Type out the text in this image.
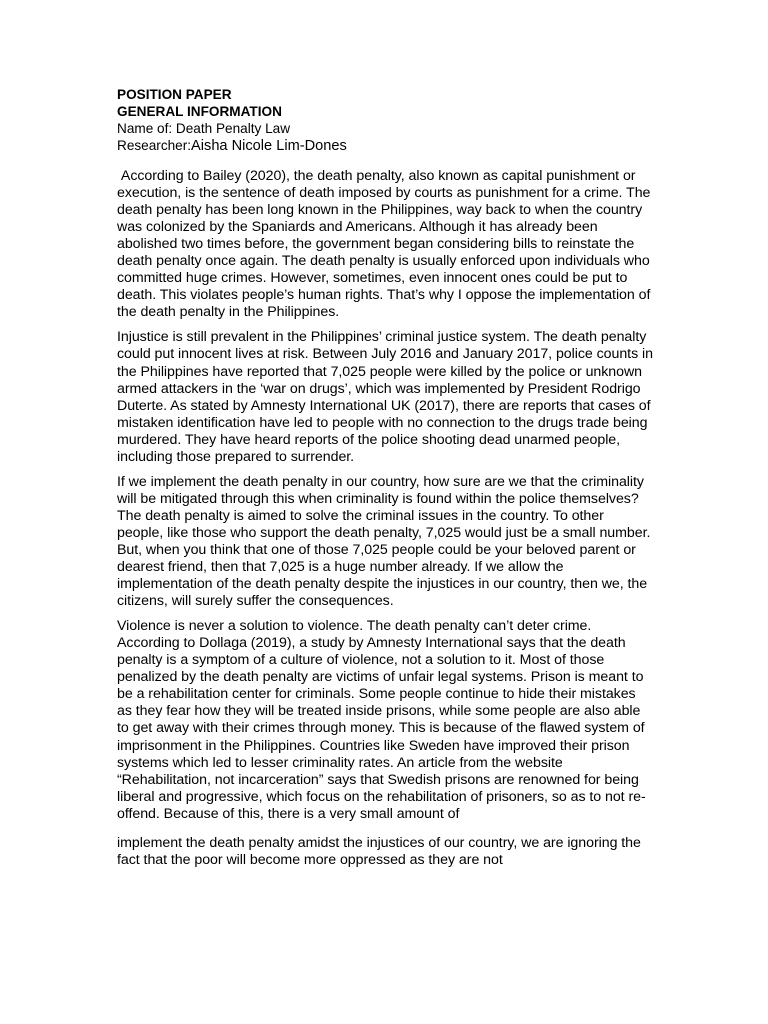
POSITION PAPER

GENERAL INFORMATION

Name of: Death Penalty Law

Researcher:Aisha Nicole Lim-Dones

According to Bailey (2020), the death penalty, also known as capital punishment or execution, is the sentence of death imposed by courts as punishment for a crime. The death penalty has been long known in the Philippines, way back to when the country was colonized by the Spaniards and Americans. Although it has already been abolished two times before, the government began considering bills to reinstate the death penalty once again. The death penalty is usually enforced upon individuals who committed huge crimes. However, sometimes, even innocent ones could be put to death. This violates people’s human rights. That’s why I oppose the implementation of the death penalty in the Philippines.

Injustice is still prevalent in the Philippines’ criminal justice system. The death penalty could put innocent lives at risk. Between July 2016 and January 2017, police counts in the Philippines have reported that 7,025 people were killed by the police or unknown armed attackers in the ‘war on drugs’, which was implemented by President Rodrigo Duterte. As stated by Amnesty International UK (2017), there are reports that cases of mistaken identification have led to people with no connection to the drugs trade being murdered. They have heard reports of the police shooting dead unarmed people, including those prepared to surrender.

If we implement the death penalty in our country, how sure are we that the criminality will be mitigated through this when criminality is found within the police themselves? The death penalty is aimed to solve the criminal issues in the country. To other people, like those who support the death penalty, 7,025 would just be a small number. But, when you think that one of those 7,025 people could be your beloved parent or dearest friend, then that 7,025 is a huge number already. If we allow the implementation of the death penalty despite the injustices in our country, then we, the citizens, will surely suffer the consequences.

Violence is never a solution to violence. The death penalty can’t deter crime. According to Dollaga (2019), a study by Amnesty International says that the death penalty is a symptom of a culture of violence, not a solution to it. Most of those penalized by the death penalty are victims of unfair legal systems. Prison is meant to be a rehabilitation center for criminals. Some people continue to hide their mistakes as they fear how they will be treated inside prisons, while some people are also able to get away with their crimes through money. This is because of the flawed system of imprisonment in the Philippines. Countries like Sweden have improved their prison systems which led to lesser criminality rates. An article from the website “Rehabilitation, not incarceration” says that Swedish prisons are renowned for being liberal and progressive, which focus on the rehabilitation of prisoners, so as to not re-offend. Because of this, there is a very small amount of

implement the death penalty amidst the injustices of our country, we are ignoring the fact that the poor will become more oppressed as they are not
